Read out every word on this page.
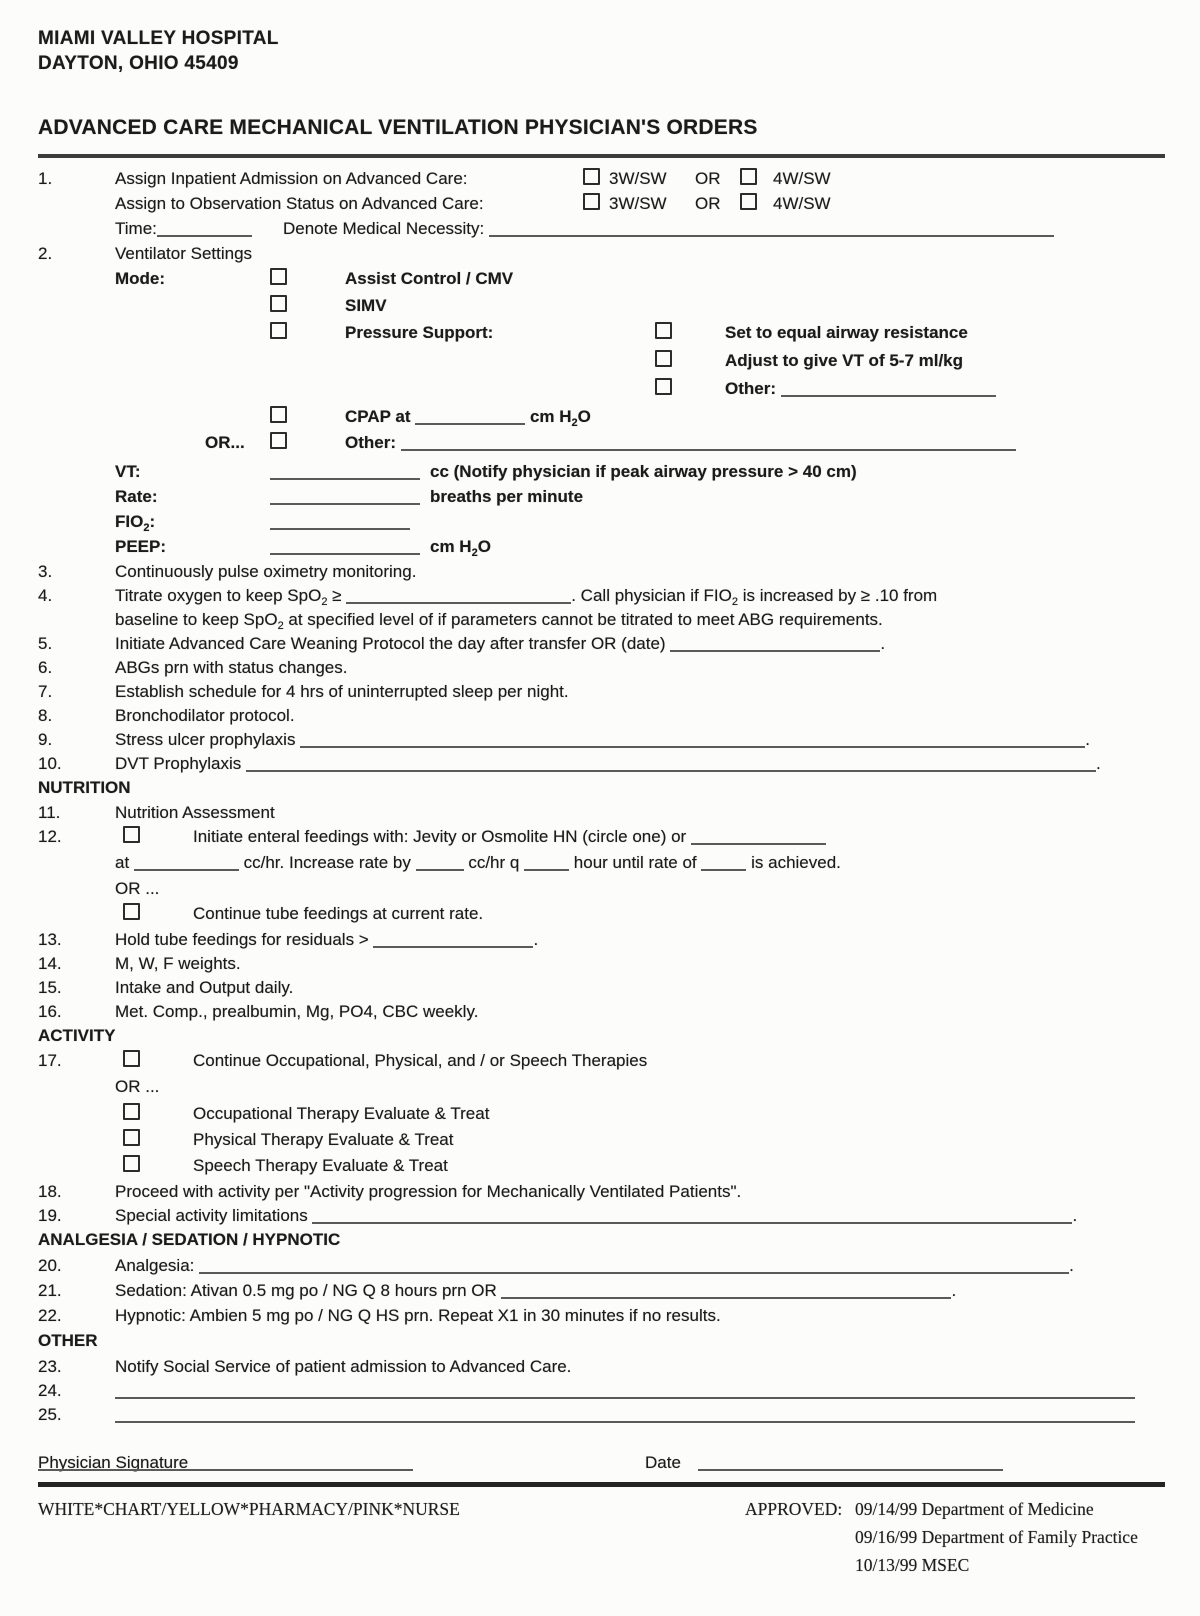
MIAMI VALLEY HOSPITAL
DAYTON, OHIO 45409
ADVANCED CARE MECHANICAL VENTILATION PHYSICIAN'S ORDERS
1.	Assign Inpatient Admission on Advanced Care:	3W/SW OR	4W/SW
Assign to Observation Status on Advanced Care:	3W/SW OR	4W/SW
Time:	Denote Medical Necessity:
2.	Ventilator Settings
Mode:	Assist Control / CMV
SIMV
Pressure Support:	Set to equal airway resistance
Adjust to give VT of 5-7 ml/kg
Other:
CPAP at	cm $H_2O$
OR...	Other:
VT:	cc (Notify physician if peak airway pressure > 40 cm)
Rate:	breaths per minute
$FIO_2$:
PEEP:	cm $H_2O$
3.	Continuously pulse oximetry monitoring.
4.	Titrate oxygen to keep SpO$_2$ ≥	. Call physician if $FIO_2$ is increased by ≥ .10 from
baseline to keep SpO$_2$ at specified level of if parameters cannot be titrated to meet ABG requirements.
5.	Initiate Advanced Care Weaning Protocol the day after transfer OR (date)	.
6.	ABGs prn with status changes.
7.	Establish schedule for 4 hrs of uninterrupted sleep per night.
8.	Bronchodilator protocol.
9.	Stress ulcer prophylaxis	.
10.	DVT Prophylaxis	.
NUTRITION
11.	Nutrition Assessment
12.	Initiate enteral feedings with: Jevity or Osmolite HN (circle one) or
at	cc/hr. Increase rate by	cc/hr q	hour until rate of	is achieved.
OR ...
Continue tube feedings at current rate.
13.	Hold tube feedings for residuals >	.
14.	M, W, F weights.
15.	Intake and Output daily.
16.	Met. Comp., prealbumin, Mg, PO4, CBC weekly.
ACTIVITY
17.	Continue Occupational, Physical, and / or Speech Therapies
OR ...
Occupational Therapy Evaluate & Treat
Physical Therapy Evaluate & Treat
Speech Therapy Evaluate & Treat
18.	Proceed with activity per "Activity progression for Mechanically Ventilated Patients".
19.	Special activity limitations	.
ANALGESIA / SEDATION / HYPNOTIC
20.	Analgesia:	.
21.	Sedation: Ativan 0.5 mg po / NG Q 8 hours prn OR	.
22.	Hypnotic: Ambien 5 mg po / NG Q HS prn. Repeat X1 in 30 minutes if no results.
OTHER
23.	Notify Social Service of patient admission to Advanced Care.
24.
25.
Physician Signature	Date
WHITE*CHART/YELLOW*PHARMACY/PINK*NURSE	APPROVED: 09/14/99 Department of Medicine
09/16/99 Department of Family Practice
10/13/99 MSEC
